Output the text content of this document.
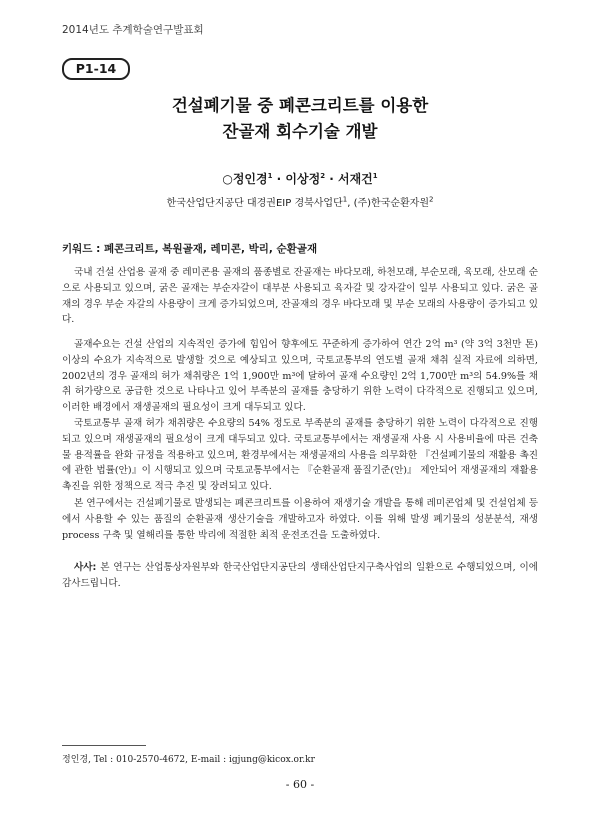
2014년도 추계학술연구발표회
P1-14
건설폐기물 중 폐콘크리트를 이용한
잔골재 회수기술 개발
○정인경$^1$ · 이상정$^2$ · 서재건$^1$
한국산업단지공단 대경권EIP 경북사업단$^1$, (주)한국순환자원$^2$
키워드 : 폐콘크리트, 복원골재, 레미콘, 박리, 순환골재

국내 건설 산업용 골재 중 레미콘용 골재의 품종별로 잔골재는 바다모래, 하천모래, 부순모래, 육모래, 산모래 순으로 사용되고 있으며, 굵은 골재는 부순자갈이 대부분 사용되고 육자갈 및 강자갈이 일부 사용되고 있다. 굵은 골재의 경우 부순 자갈의 사용량이 크게 증가되었으며, 잔골재의 경우 바다모래 및 부순 모래의 사용량이 증가되고 있다.

골재수요는 건설 산업의 지속적인 증가에 힘입어 향후에도 꾸준하게 증가하여 연간 2억 m³ (약 3억 3천만 톤) 이상의 수요가 지속적으로 발생할 것으로 예상되고 있으며, 국토교통부의 연도별 골재 채취 실적 자료에 의하면, 2002년의 경우 골재의 허가 채취량은 1억 1,900만 m³에 달하여 골재 수요량인 2억 1,700만 m³의 54.9%를 채취 허가량으로 공급한 것으로 나타나고 있어 부족분의 골재를 충당하기 위한 노력이 다각적으로 진행되고 있으며, 이러한 배경에서 재생골재의 필요성이 크게 대두되고 있다.

국토교통부 골재 허가 채취량은 수요량의 54% 정도로 부족분의 골재를 충당하기 위한 노력이 다각적으로 진행되고 있으며 재생골재의 필요성이 크게 대두되고 있다. 국토교통부에서는 재생골재 사용 시 사용비율에 따른 건축물 용적률을 완화 규정을 적용하고 있으며, 환경부에서는 재생골재의 사용을 의무화한 『건설폐기물의 재활용 촉진에 관한 법률(안)』이 시행되고 있으며 국토교통부에서는 『순환골재 품질기준(안)』 제안되어 재생골재의 재활용 촉진을 위한 정책으로 적극 추진 및 장려되고 있다.

본 연구에서는 건설폐기물로 발생되는 폐콘크리트를 이용하여 재생기술 개발을 통해 레미콘업체 및 건설업체 등에서 사용할 수 있는 품질의 순환골재 생산기술을 개발하고자 하였다. 이를 위해 발생 폐기물의 성분분석, 재생 process 구축 및 열해리를 통한 박리에 적절한 최적 운전조건을 도출하였다.

사사: 본 연구는 산업통상자원부와 한국산업단지공단의 생태산업단지구축사업의 일환으로 수행되었으며, 이에 감사드립니다.

정인경, Tel : 010-2570-4672, E-mail : igjung@kicox.or.kr
- 60 -
